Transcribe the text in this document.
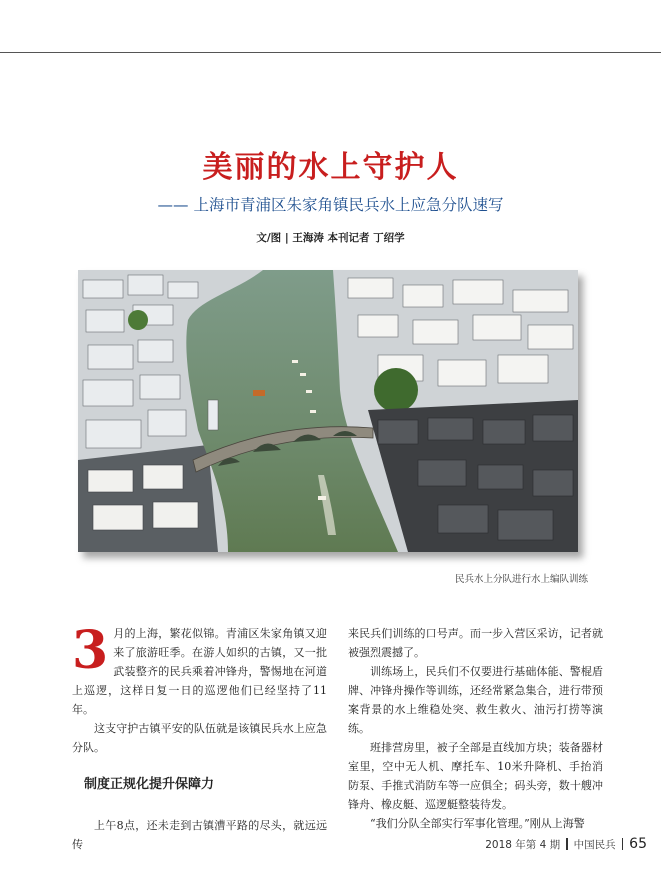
美丽的水上守护人
—— 上海市青浦区朱家角镇民兵水上应急分队速写
文/图 | 王海涛 本刊记者 丁绍学
民兵水上分队进行水上编队训练

3 月的上海，繁花似锦。青浦区朱家角镇又迎来了旅游旺季。在游人如织的古镇，又一批武装整齐的民兵乘着冲锋舟，警惕地在河道上巡逻，这样日复一日的巡逻他们已经坚持了11年。

这支守护古镇平安的队伍就是该镇民兵水上应急分队。

制度正规化提升保障力

上午8点，还未走到古镇漕平路的尽头，就远远传

来民兵们训练的口号声。而一步入营区采访，记者就被强烈震撼了。

训练场上，民兵们不仅要进行基础体能、警棍盾牌、冲锋舟操作等训练，还经常紧急集合，进行带预案背景的水上维稳处突、救生救火、油污打捞等演练。

班排营房里，被子全部是直线加方块；装备器材室里，空中无人机、摩托车、10米升降机、手抬消防泵、手推式消防车等一应俱全；码头旁，数十艘冲锋舟、橡皮艇、巡逻艇整装待发。

“我们分队全部实行军事化管理。”刚从上海警

2018 年第 4 期 中国民兵 65
